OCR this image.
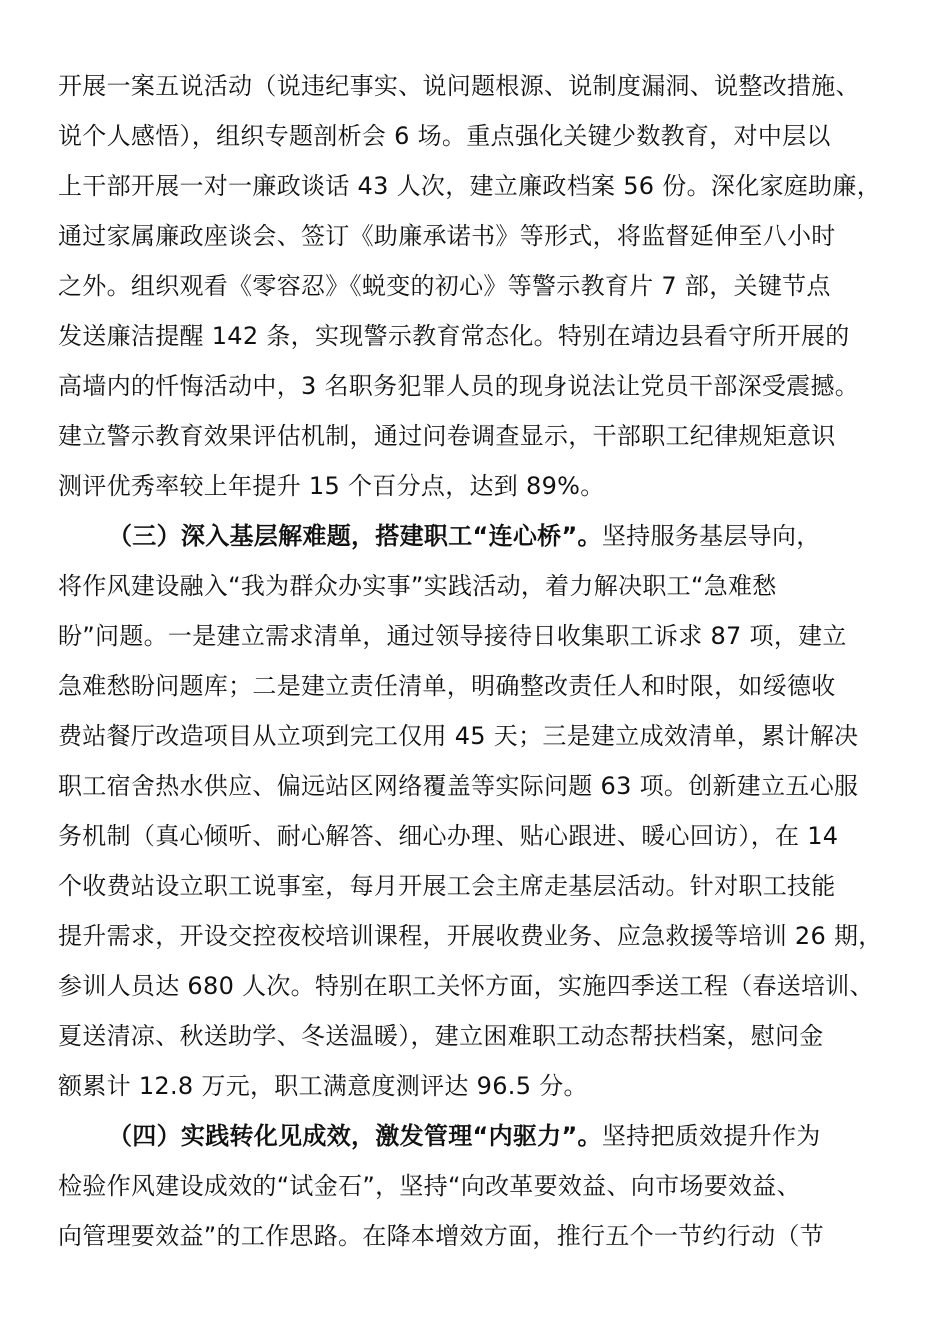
开展一案五说活动（说违纪事实、说问题根源、说制度漏洞、说整改措施、
说个人感悟），组织专题剖析会 6 场。重点强化关键少数教育，对中层以
上干部开展一对一廉政谈话 43 人次，建立廉政档案 56 份。深化家庭助廉，
通过家属廉政座谈会、签订《助廉承诺书》等形式，将监督延伸至八小时
之外。组织观看《零容忍》《蜕变的初心》等警示教育片 7 部，关键节点
发送廉洁提醒 142 条，实现警示教育常态化。特别在靖边县看守所开展的
高墙内的忏悔活动中，3 名职务犯罪人员的现身说法让党员干部深受震撼。
建立警示教育效果评估机制，通过问卷调查显示，干部职工纪律规矩意识
测评优秀率较上年提升 15 个百分点，达到 89%。
（三）深入基层解难题，搭建职工“连心桥”。坚持服务基层导向，
将作风建设融入“我为群众办实事”实践活动，着力解决职工“急难愁
盼”问题。一是建立需求清单，通过领导接待日收集职工诉求 87 项，建立
急难愁盼问题库；二是建立责任清单，明确整改责任人和时限，如绥德收
费站餐厅改造项目从立项到完工仅用 45 天；三是建立成效清单，累计解决
职工宿舍热水供应、偏远站区网络覆盖等实际问题 63 项。创新建立五心服
务机制（真心倾听、耐心解答、细心办理、贴心跟进、暖心回访），在 14
个收费站设立职工说事室，每月开展工会主席走基层活动。针对职工技能
提升需求，开设交控夜校培训课程，开展收费业务、应急救援等培训 26 期，
参训人员达 680 人次。特别在职工关怀方面，实施四季送工程（春送培训、
夏送清凉、秋送助学、冬送温暖），建立困难职工动态帮扶档案，慰问金
额累计 12.8 万元，职工满意度测评达 96.5 分。
（四）实践转化见成效，激发管理“内驱力”。坚持把质效提升作为
检验作风建设成效的“试金石”，坚持“向改革要效益、向市场要效益、
向管理要效益”的工作思路。在降本增效方面，推行五个一节约行动（节
